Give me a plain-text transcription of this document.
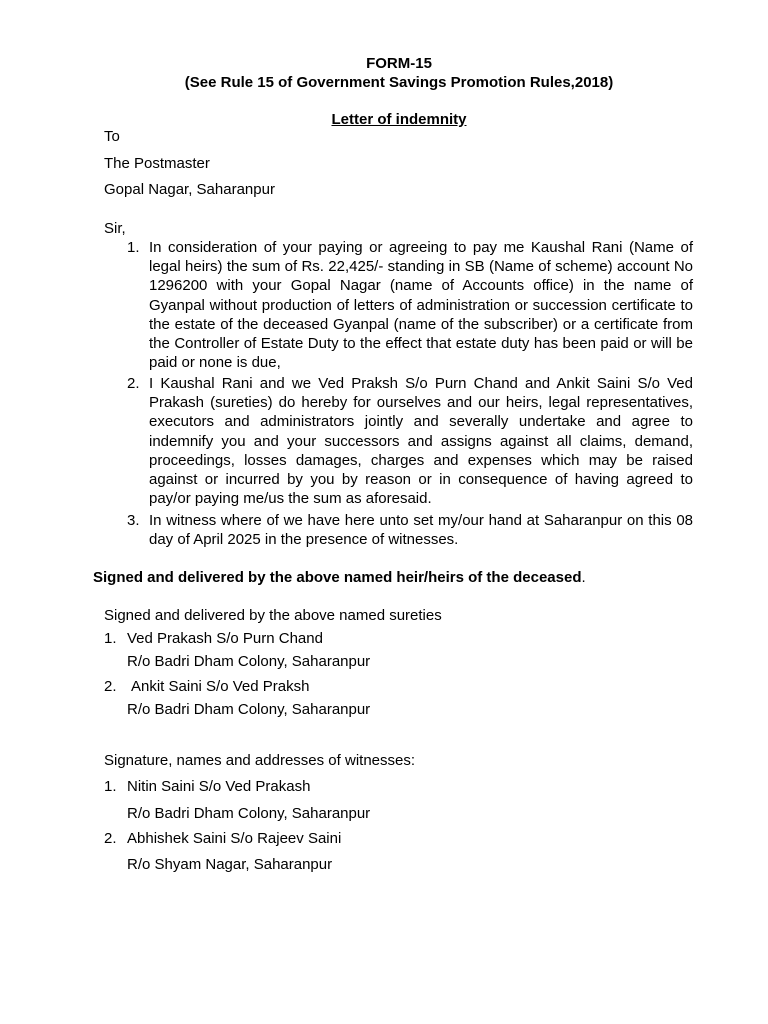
FORM-15

(See Rule 15 of Government Savings Promotion Rules,2018)

Letter of indemnity

To

The Postmaster

Gopal Nagar, Saharanpur

Sir,

1. In consideration of your paying or agreeing to pay me Kaushal Rani (Name of legal heirs) the sum of Rs. 22,425/- standing in SB (Name of scheme) account No 1296200 with your Gopal Nagar (name of Accounts office) in the name of Gyanpal without production of letters of administration or succession certificate to the estate of the deceased Gyanpal (name of the subscriber) or a certificate from the Controller of Estate Duty to the effect that estate duty has been paid or will be paid or none is due,

2. I Kaushal Rani and we Ved Praksh S/o Purn Chand and Ankit Saini S/o Ved Prakash (sureties) do hereby for ourselves and our heirs, legal representatives, executors and administrators jointly and severally undertake and agree to indemnify you and your successors and assigns against all claims, demand, proceedings, losses damages, charges and expenses which may be raised against or incurred by you by reason or in consequence of having agreed to pay/or paying me/us the sum as aforesaid.

3. In witness where of we have here unto set my/our hand at Saharanpur on this 08 day of April 2025 in the presence of witnesses.

Signed and delivered by the above named heir/heirs of the deceased.

Signed and delivered by the above named sureties

1. Ved Prakash S/o Purn Chand
R/o Badri Dham Colony, Saharanpur
2. Ankit Saini S/o Ved Praksh
R/o Badri Dham Colony, Saharanpur

Signature, names and addresses of witnesses:

1. Nitin Saini S/o Ved Prakash
R/o Badri Dham Colony, Saharanpur
2. Abhishek Saini S/o Rajeev Saini
R/o Shyam Nagar, Saharanpur
